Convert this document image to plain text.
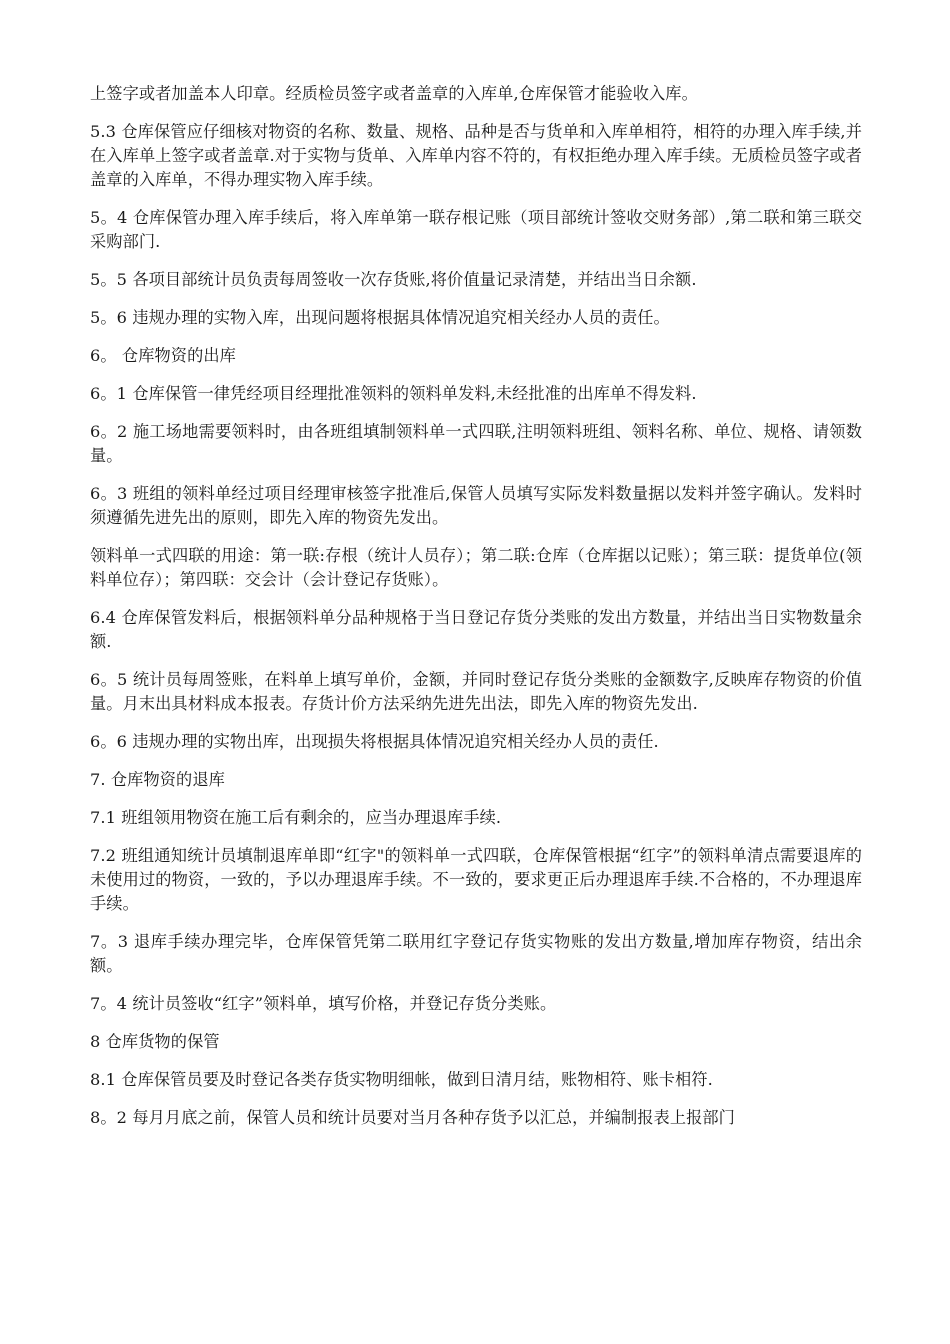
上签字或者加盖本人印章。经质检员签字或者盖章的入库单,仓库保管才能验收入库。

5.3 仓库保管应仔细核对物资的名称、数量、规格、品种是否与货单和入库单相符，相符的办理入库手续,并在入库单上签字或者盖章.对于实物与货单、入库单内容不符的，有权拒绝办理入库手续。无质检员签字或者盖章的入库单，不得办理实物入库手续。

5。4 仓库保管办理入库手续后，将入库单第一联存根记账（项目部统计签收交财务部）,第二联和第三联交采购部门.

5。5 各项目部统计员负责每周签收一次存货账,将价值量记录清楚，并结出当日余额.

5。6 违规办理的实物入库，出现问题将根据具体情况追究相关经办人员的责任。

6。 仓库物资的出库

6。1 仓库保管一律凭经项目经理批准领料的领料单发料,未经批准的出库单不得发料.

6。2 施工场地需要领料时，由各班组填制领料单一式四联,注明领料班组、领料名称、单位、规格、请领数量。

6。3 班组的领料单经过项目经理审核签字批准后,保管人员填写实际发料数量据以发料并签字确认。发料时须遵循先进先出的原则，即先入库的物资先发出。

领料单一式四联的用途：第一联:存根（统计人员存）；第二联:仓库（仓库据以记账）；第三联：提货单位(领料单位存）；第四联：交会计（会计登记存货账）。

6.4 仓库保管发料后，根据领料单分品种规格于当日登记存货分类账的发出方数量，并结出当日实物数量余额.

6。5 统计员每周签账，在料单上填写单价，金额，并同时登记存货分类账的金额数字,反映库存物资的价值量。月末出具材料成本报表。存货计价方法采纳先进先出法，即先入库的物资先发出.

6。6 违规办理的实物出库，出现损失将根据具体情况追究相关经办人员的责任.

7. 仓库物资的退库

7.1 班组领用物资在施工后有剩余的，应当办理退库手续.

7.2 班组通知统计员填制退库单即“红字"的领料单一式四联，仓库保管根据“红字”的领料单清点需要退库的未使用过的物资，一致的，予以办理退库手续。不一致的，要求更正后办理退库手续.不合格的，不办理退库手续。

7。3 退库手续办理完毕，仓库保管凭第二联用红字登记存货实物账的发出方数量,增加库存物资，结出余额。

7。4 统计员签收“红字”领料单，填写价格，并登记存货分类账。

8 仓库货物的保管

8.1 仓库保管员要及时登记各类存货实物明细帐，做到日清月结，账物相符、账卡相符.

8。2 每月月底之前，保管人员和统计员要对当月各种存货予以汇总，并编制报表上报部门
